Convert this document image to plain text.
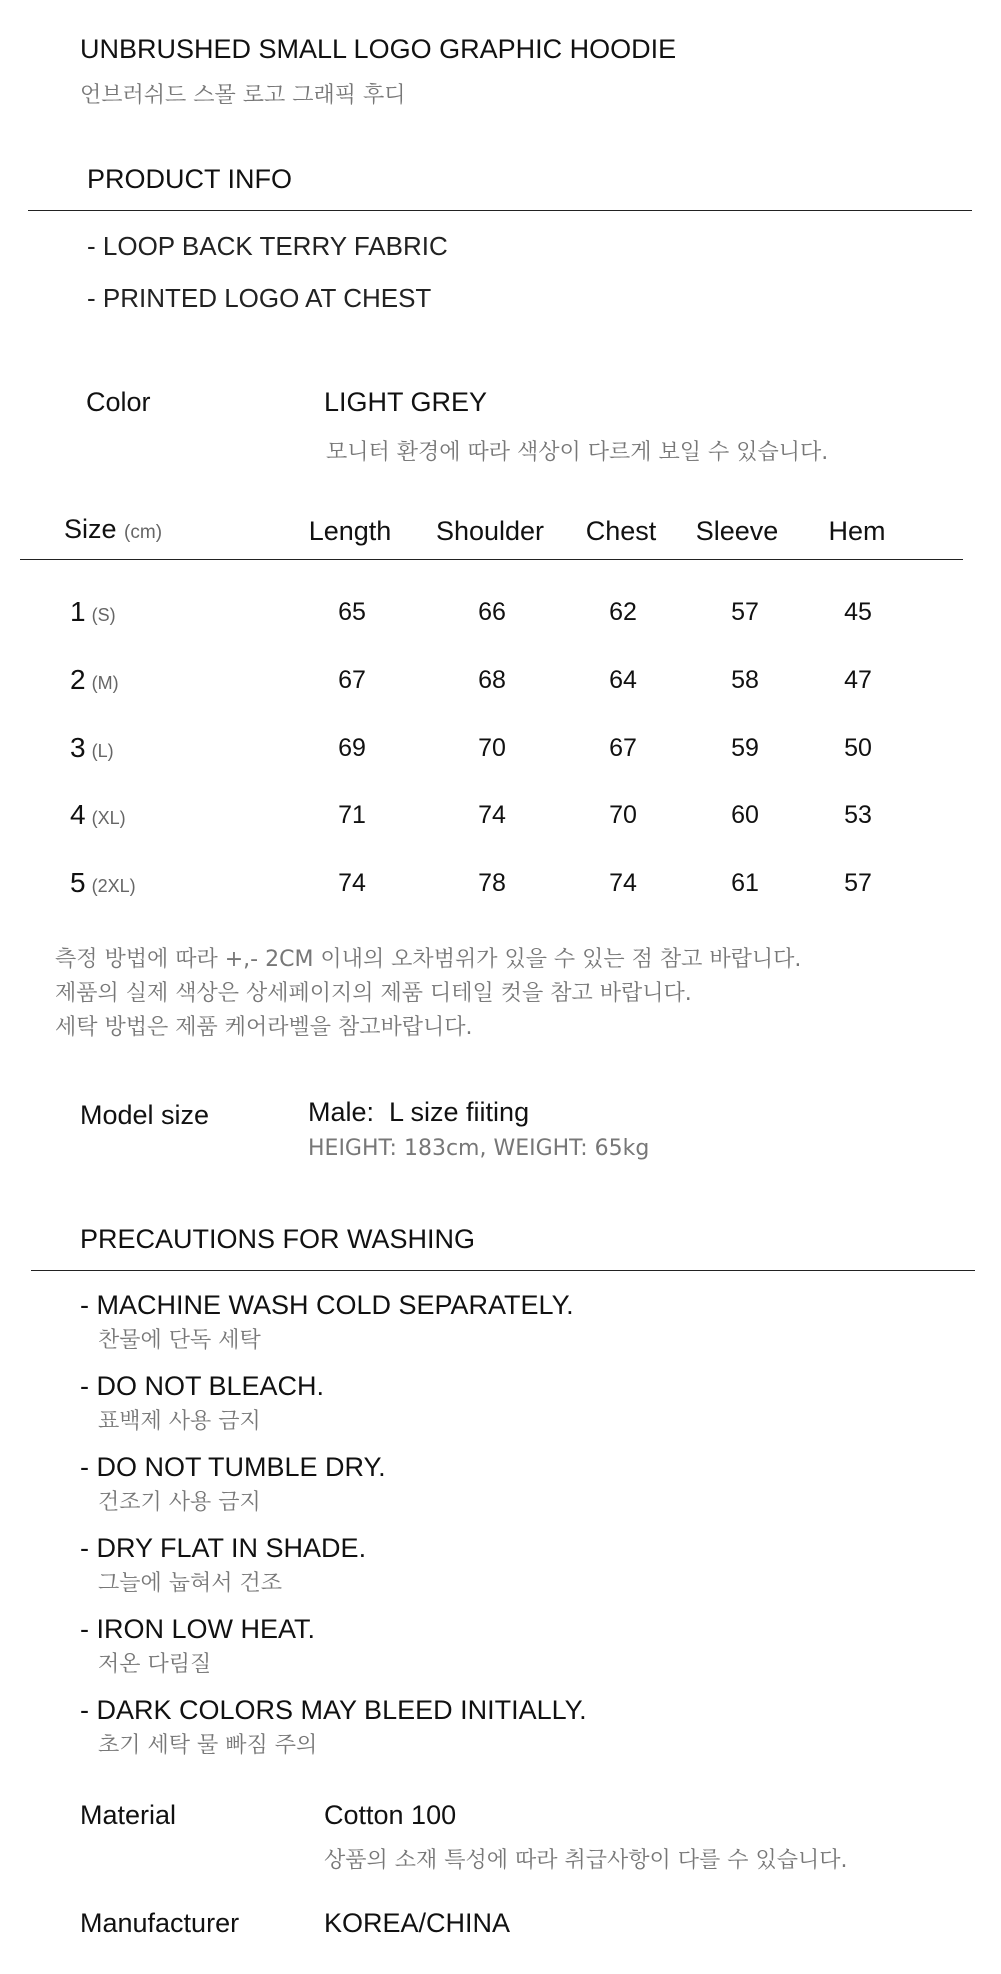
UNBRUSHED SMALL LOGO GRAPHIC HOODIE
언브러쉬드 스몰 로고 그래픽 후디
PRODUCT INFO
- LOOP BACK TERRY FABRIC
- PRINTED LOGO AT CHEST
Color	LIGHT GREY
모니터 환경에 따라 색상이 다르게 보일 수 있습니다.
Size (cm)	Length	Shoulder	Chest	Sleeve	Hem
1 (S)	65	66	62	57	45
2 (M)	67	68	64	58	47
3 (L)	69	70	67	59	50
4 (XL)	71	74	70	60	53
5 (2XL)	74	78	74	61	57
측정 방법에 따라 +,- 2CM 이내의 오차범위가 있을 수 있는 점 참고 바랍니다.
제품의 실제 색상은 상세페이지의 제품 디테일 컷을 참고 바랍니다.
세탁 방법은 제품 케어라벨을 참고바랍니다.
Model size	Male:  L size fiiting
HEIGHT: 183cm, WEIGHT: 65kg
PRECAUTIONS FOR WASHING
- MACHINE WASH COLD SEPARATELY.
찬물에 단독 세탁
- DO NOT BLEACH.
표백제 사용 금지
- DO NOT TUMBLE DRY.
건조기 사용 금지
- DRY FLAT IN SHADE.
그늘에 눕혀서 건조
- IRON LOW HEAT.
저온 다림질
- DARK COLORS MAY BLEED INITIALLY.
초기 세탁 물 빠짐 주의
Material	Cotton 100
상품의 소재 특성에 따라 취급사항이 다를 수 있습니다.
Manufacturer	KOREA/CHINA
